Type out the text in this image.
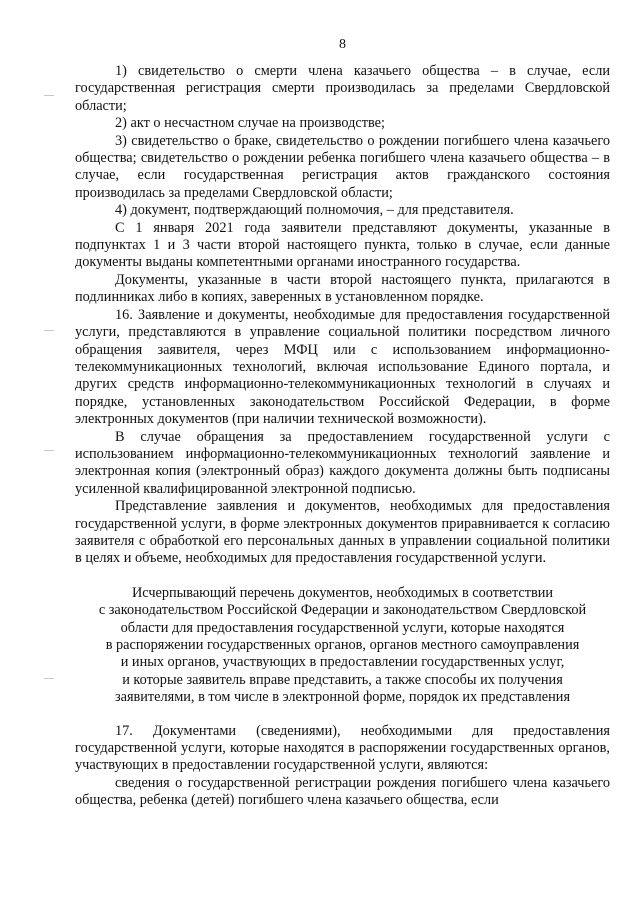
8

1) свидетельство о смерти члена казачьего общества – в случае, если государственная регистрация смерти производилась за пределами Свердловской области;

2) акт о несчастном случае на производстве;

3) свидетельство о браке, свидетельство о рождении погибшего члена казачьего общества; свидетельство о рождении ребенка погибшего члена казачьего общества – в случае, если государственная регистрация актов гражданского состояния производилась за пределами Свердловской области;

4) документ, подтверждающий полномочия, – для представителя.

С 1 января 2021 года заявители представляют документы, указанные в подпунктах 1 и 3 части второй настоящего пункта, только в случае, если данные документы выданы компетентными органами иностранного государства.

Документы, указанные в части второй настоящего пункта, прилагаются в подлинниках либо в копиях, заверенных в установленном порядке.

16. Заявление и документы, необходимые для предоставления государственной услуги, представляются в управление социальной политики посредством личного обращения заявителя, через МФЦ или с использованием информационно-телекоммуникационных технологий, включая использование Единого портала, и других средств информационно-телекоммуникационных технологий в случаях и порядке, установленных законодательством Российской Федерации, в форме электронных документов (при наличии технической возможности).

В случае обращения за предоставлением государственной услуги с использованием информационно-телекоммуникационных технологий заявление и электронная копия (электронный образ) каждого документа должны быть подписаны усиленной квалифицированной электронной подписью.

Представление заявления и документов, необходимых для предоставления государственной услуги, в форме электронных документов приравнивается к согласию заявителя с обработкой его персональных данных в управлении социальной политики в целях и объеме, необходимых для предоставления государственной услуги.

Исчерпывающий перечень документов, необходимых в соответствии
с законодательством Российской Федерации и законодательством Свердловской
области для предоставления государственной услуги, которые находятся
в распоряжении государственных органов, органов местного самоуправления
и иных органов, участвующих в предоставлении государственных услуг,
и которые заявитель вправе представить, а также способы их получения
заявителями, в том числе в электронной форме, порядок их представления

17. Документами (сведениями), необходимыми для предоставления государственной услуги, которые находятся в распоряжении государственных органов, участвующих в предоставлении государственной услуги, являются:

сведения о государственной регистрации рождения погибшего члена казачьего общества, ребенка (детей) погибшего члена казачьего общества, если
